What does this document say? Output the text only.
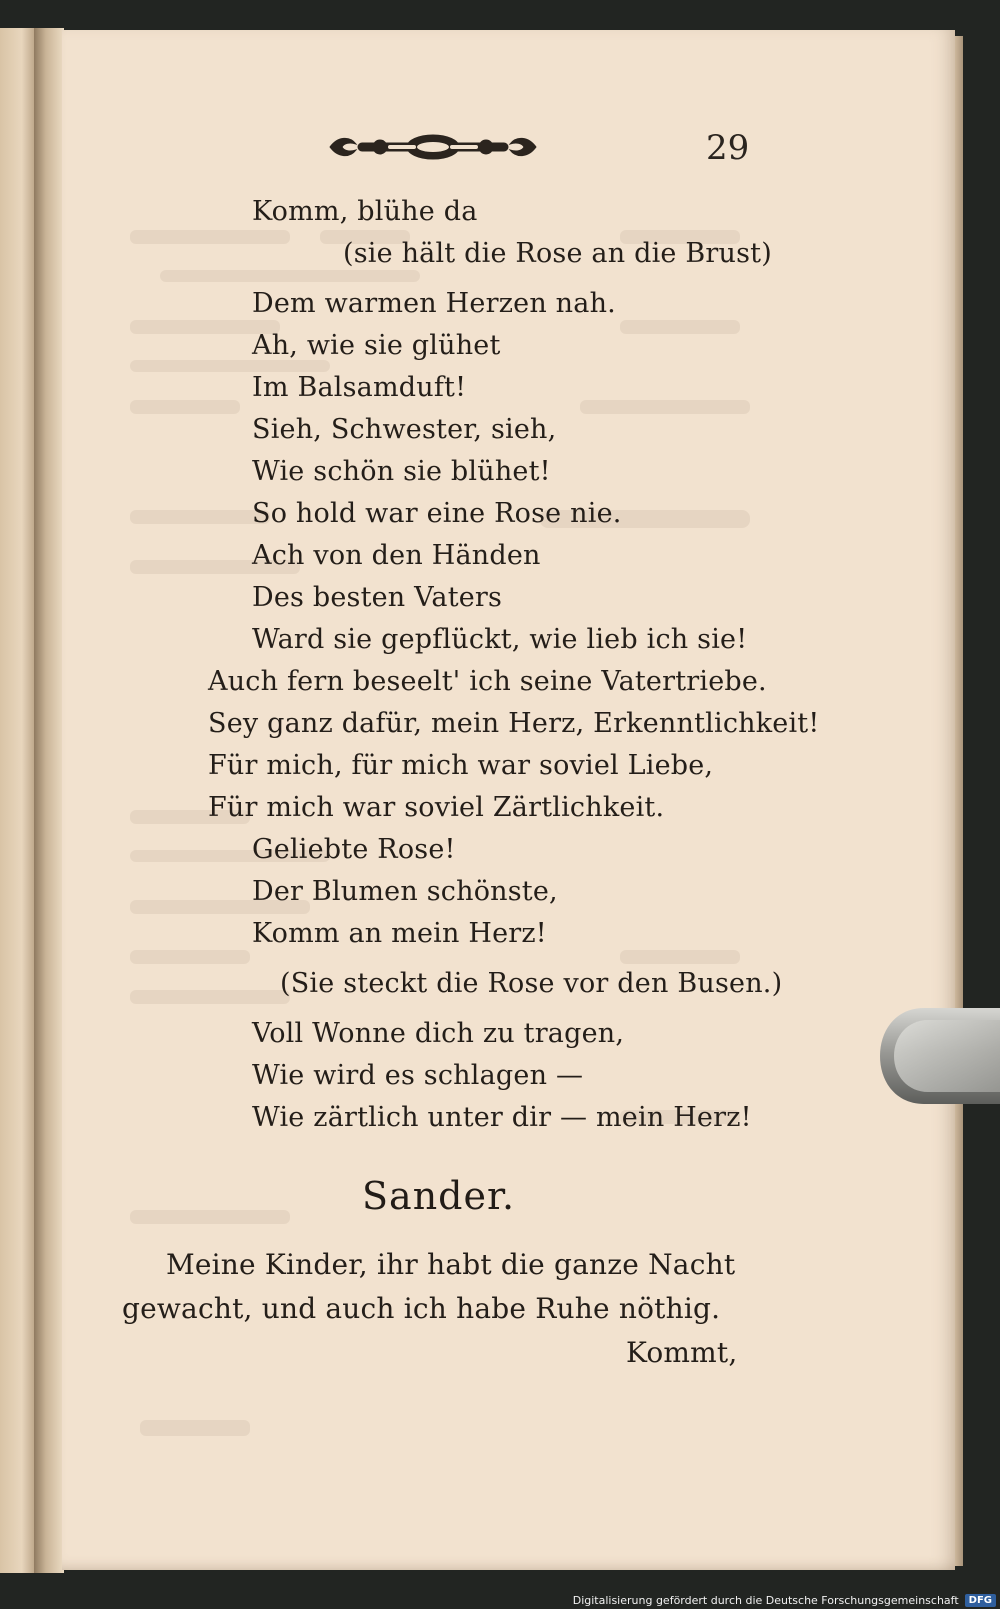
29
Komm, blühe da
(sie hält die Rose an die Brust)
Dem warmen Herzen nah.
Ah, wie sie glühet
Im Balsamduft!
Sieh, Schwester, sieh,
Wie schön sie blühet!
So hold war eine Rose nie.
Ach von den Händen
Des besten Vaters
Ward sie gepflückt, wie lieb ich sie!
Auch fern beseelt' ich seine Vatertriebe.
Sey ganz dafür, mein Herz, Erkenntlichkeit!
Für mich, für mich war soviel Liebe,
Für mich war soviel Zärtlichkeit.
Geliebte Rose!
Der Blumen schönste,
Komm an mein Herz!
(Sie steckt die Rose vor den Busen.)
Voll Wonne dich zu tragen,
Wie wird es schlagen —
Wie zärtlich unter dir — mein Herz!
Sander.
Meine Kinder, ihr habt die ganze Nacht
gewacht, und auch ich habe Ruhe nöthig.
Kommt,
Digitalisierung gefördert durch die Deutsche Forschungsgemeinschaft	DFG
